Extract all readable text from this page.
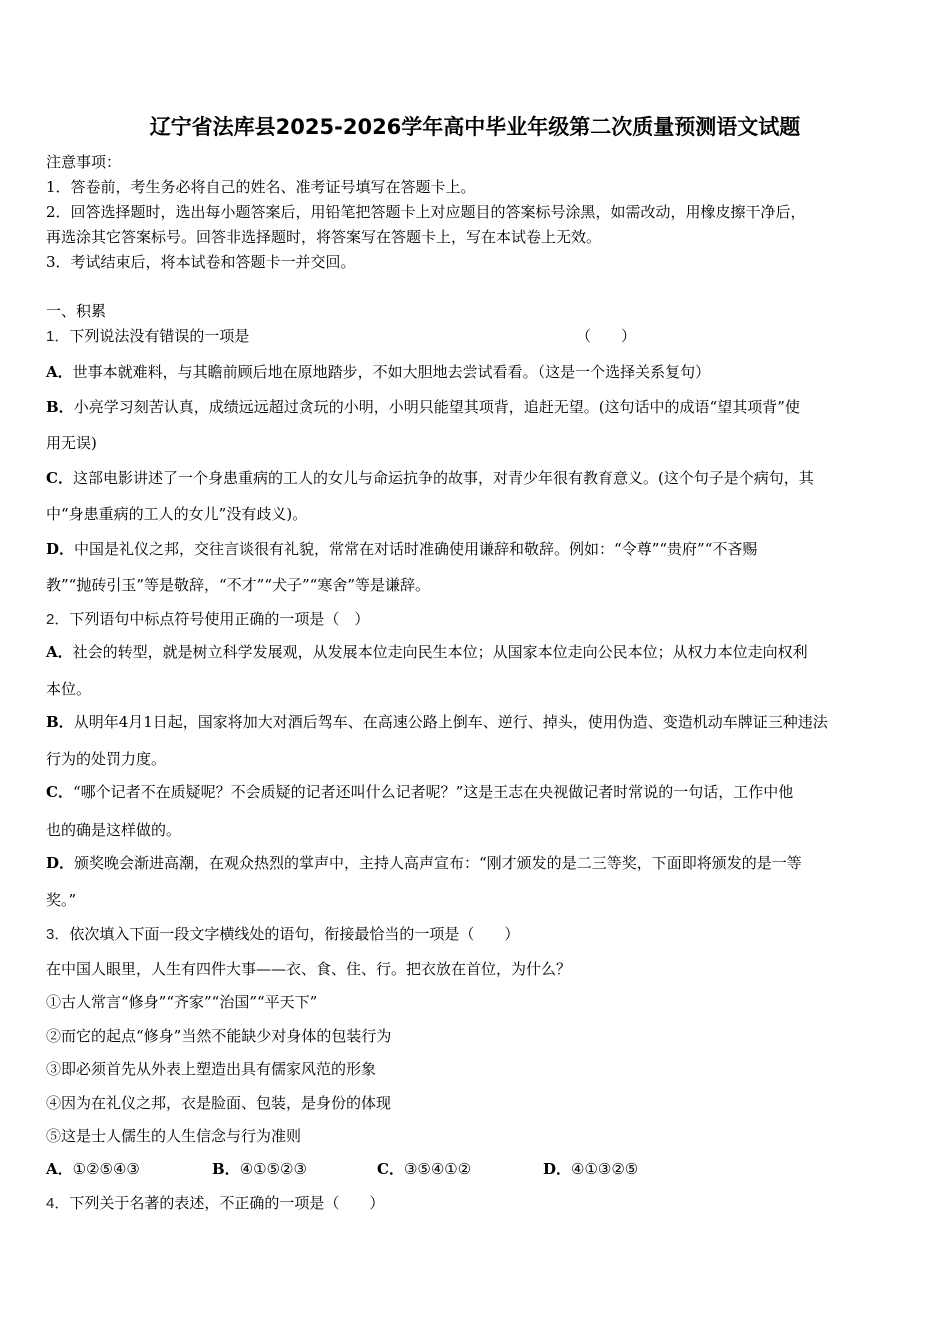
辽宁省法库县2025-2026学年高中毕业年级第二次质量预测语文试题
注意事项：
1．答卷前，考生务必将自己的姓名、准考证号填写在答题卡上。
2．回答选择题时，选出每小题答案后，用铅笔把答题卡上对应题目的答案标号涂黑，如需改动，用橡皮擦干净后，
再选涂其它答案标号。回答非选择题时，将答案写在答题卡上，写在本试卷上无效。
3．考试结束后，将本试卷和答题卡一并交回。
一、积累
1．下列说法没有错误的一项是	（　　）
A．世事本就难料，与其瞻前顾后地在原地踏步，不如大胆地去尝试看看。（这是一个选择关系复句）
B．小亮学习刻苦认真，成绩远远超过贪玩的小明，小明只能望其项背，追赶无望。(这句话中的成语“望其项背”使
用无误)
C．这部电影讲述了一个身患重病的工人的女儿与命运抗争的故事，对青少年很有教育意义。(这个句子是个病句，其
中“身患重病的工人的女儿”没有歧义)。
D．中国是礼仪之邦，交往言谈很有礼貌，常常在对话时准确使用谦辞和敬辞。例如：“令尊”“贵府”“不吝赐
教”“抛砖引玉”等是敬辞，“不才”“犬子”“寒舍”等是谦辞。
2．下列语句中标点符号使用正确的一项是（　）
A．社会的转型，就是树立科学发展观，从发展本位走向民生本位；从国家本位走向公民本位；从权力本位走向权利
本位。
B．从明年4月1日起，国家将加大对酒后驾车、在高速公路上倒车、逆行、掉头，使用伪造、变造机动车牌证三种违法
行为的处罚力度。
C．“哪个记者不在质疑呢？不会质疑的记者还叫什么记者呢？”这是王志在央视做记者时常说的一句话，工作中他
也的确是这样做的。
D．颁奖晚会渐进高潮，在观众热烈的掌声中，主持人高声宣布：“刚才颁发的是二三等奖，下面即将颁发的是一等
奖。”
3．依次填入下面一段文字横线处的语句，衔接最恰当的一项是（　　）
在中国人眼里，人生有四件大事——衣、食、住、行。把衣放在首位，为什么？
①古人常言“修身”“齐家”“治国”“平天下”
②而它的起点“修身”当然不能缺少对身体的包装行为
③即必须首先从外表上塑造出具有儒家风范的形象
④因为在礼仪之邦，衣是脸面、包装，是身份的体现
⑤这是士人儒生的人生信念与行为准则
A．①②⑤④③	B．④①⑤②③	C．③⑤④①②	D．④①③②⑤
4．下列关于名著的表述，不正确的一项是（　　）
